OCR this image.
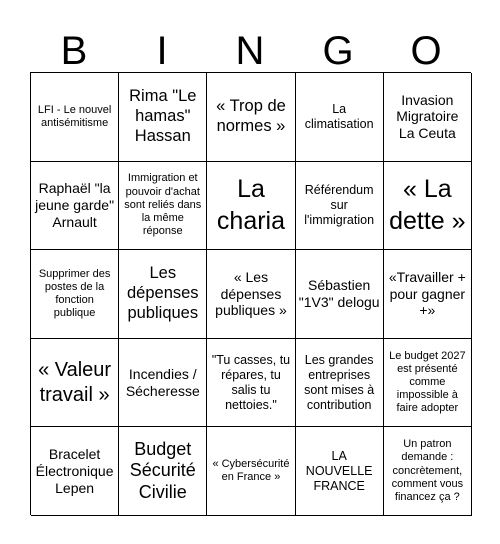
B	I	N	G	O
LFI - Le nouvel antisémitisme
Rima "Le hamas" Hassan
« Trop de normes »
La climatisation
Invasion Migratoire La Ceuta
Raphaël "la jeune garde" Arnault
Immigration et pouvoir d'achat sont reliés dans la même réponse
La charia
Référendum sur l'immigration
« La dette »
Supprimer des postes de la fonction publique
Les dépenses publiques
« Les dépenses publiques »
Sébastien "1V3" delogu
«Travailler + pour gagner +»
« Valeur travail »
Incendies / Sécheresse
"Tu casses, tu répares, tu salis tu nettoies."
Les grandes entreprises sont mises à contribution
Le budget 2027 est présenté comme impossible à faire adopter
Bracelet Électronique Lepen
Budget Sécurité Civilie
« Cybersécurité en France »
LA NOUVELLE FRANCE
Un patron demande : concrètement, comment vous financez ça ?
